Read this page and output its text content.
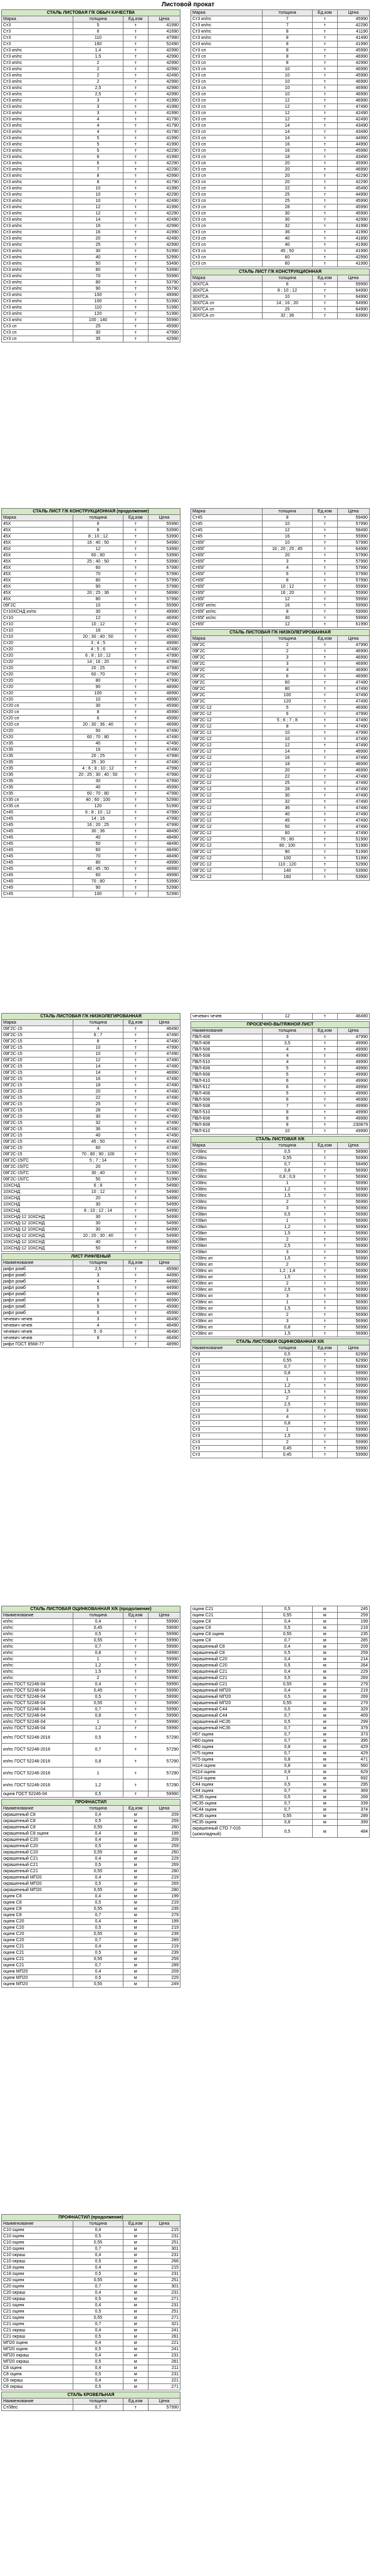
Листовой прокат
СТАЛЬ ЛИСТОВАЯ Г/К ОБЫЧ КАЧЕСТВА			
Марка	толщина	Ед.изм	Цена
Ст3	5	т	41990
Ст3	6	т	41690
Ст3	110	т	47990
Ст3	160	т	52490
Ст3 кп/пс	1,4	т	42990
Ст3 кп/пс	1,5	т	42990
Ст3 кп/пс	2	т	42990
Ст3 кп/пс	2	т	42990
Ст3 кп/пс	2	т	42490
Ст3 кп/пс	2	т	42990
Ст3 кп/пс	2,5	т	42990
Ст3 кп/пс	2,5	т	42990
Ст3 кп/пс	3	т	41990
Ст3 кп/пс	3	т	41990
Ст3 кп/пс	3	т	41990
Ст3 кп/пс	4	т	41790
Ст3 кп/пс	4	т	41790
Ст3 кп/пс	4	т	41790
Ст3 кп/пс	5	т	41990
Ст3 кп/пс	5	т	41990
Ст3 кп/пс	5	т	42290
Ст3 кп/пс	6	т	41990
Ст3 кп/пс	6	т	42290
Ст3 кп/пс	7	т	42290
Ст3 кп/пс	8	т	42990
Ст3 кп/пс	8	т	41790
Ст3 кп/пс	10	т	41990
Ст3 кп/пс	10	т	42290
Ст3 кп/пс	10	т	42490
Ст3 кп/пс	12	т	41990
Ст3 кп/пс	12	т	42290
Ст3 кп/пс	14	т	42490
Ст3 кп/пс	16	т	42990
Ст3 кп/пс	16	т	41990
Ст3 кп/пс	20	т	42490
Ст3 кп/пс	25	т	42990
Ст3 кп/пс	30	т	51990
Ст3 кп/пс	40	т	52990
Ст3 кп/пс	50	т	53490
Ст3 кп/пс	60	т	53990
Ст3 кп/пс	70	т	55990
Ст3 кп/пс	80	т	53790
Ст3 кп/пс	90	т	55790
Ст3 кп/пс	100	т	49990
Ст3 кп/пс	100	т	51990
Ст3 кп/пс	110	т	51990
Ст3 кп/пс	120	т	51990
Ст3 кп/пс	100 ; 140	т	55990
Ст3 сп	25	т	45990
Ст3 сп	30	т	47990
Ст3 сп	35	т	42990
Марка	толщина	Ед.изм	Цена
Ст3 кп/пс	7	т	45990
Ст3 кп/пс	7	т	42290
Ст3 кп/пс	8	т	41190
Ст3 кп/пс	8	т	41490
Ст3 кп/пс	8	т	41990
Ст3 сп	8	т	45990
Ст3 сп	8	т	46990
Ст3 сп	8	т	42990
Ст3 сп	10	т	46990
Ст3 сп	10	т	45990
Ст3 сп	10	т	46990
Ст3 сп	10	т	46990
Ст3 сп	10	т	46990
Ст3 сп	12	т	46990
Ст3 сп	12	т	47490
Ст3 сп	12	т	42490
Ст3 сп	12	т	42490
Ст3 сп	14	т	43490
Ст3 сп	14	т	43490
Ст3 сп	14	т	44990
Ст3 сп	16	т	44990
Ст3 сп	16	т	45990
Ст3 сп	18	т	43490
Ст3 сп	20	т	45990
Ст3 сп	20	т	46990
Ст3 сп	20	т	42290
Ст3 сп	20	т	42290
Ст3 сп	22	т	45490
Ст3 сп	25	т	44990
Ст3 сп	25	т	45990
Ст3 сп	28	т	45990
Ст3 сп	30	т	45990
Ст3 сп	30	т	42990
Ст3 сп	32	т	41990
Ст3 сп	36	т	41990
Ст3 сп	40	т	41890
Ст3 сп	40	т	41990
Ст3 сп	45 ; 50	т	41990
Ст3 сп	60	т	42990
Ст3 сп	60	т	41990
СТАЛЬ ЛИСТ Г/К КОНСТРУКЦИОННАЯ			
Марка	толщина	Ед.изм	Цена
30ХГСА	6	т	59990
30ХГСА	8 ; 10 ; 12	т	64990
30ХГСА	10	т	64990
30ХГСА сп	14 ; 16 ; 20	т	64990
30ХГСА сп	25	т	64990
30ХГСА сп	32 ; 36	т	63990
СТАЛЬ ЛИСТ Г/К КОНСТРУКЦИОННАЯ (продолжение)			
Марка	толщина	Ед.изм	Цена
45Х	6	т	55990
45Х	8	т	53990
45Х	8 ; 10 ; 12	т	53990
45Х	16 ; 40 ; 50	т	54990
45Х	12	т	53990
45Х	60 ; 80	т	53990
45Х	25 ; 40 ; 50	т	53990
45Х	60	т	57990
45Х	70	т	57990
45Х	80	т	57990
45Х	90	т	57990
45Х	20 ; 25 ; 36	т	58990
45Х	80	т	57990
09Г2С	10	т	55990
Ст10ХСНД кп/пс	30	т	49990
Ст10	12	т	46990
Ст10	10 ; 12	т	47490
Ст10	18	т	47990
Ст10	20 ; 30 ; 40 ; 50	т	45990
Ст20	3 ; 4 ; 5	т	49990
Ст20	4 ; 5 ; 6	т	47490
Ст20	6 ; 8 ; 10 ; 12	т	47990
Ст20	14 ; 16 ; 20	т	47990
Ст20	20 ; 25	т	47990
Ст20	60 ; 70	т	47990
Ст20	80	т	47990
Ст20	90	т	48990
Ст20	100	т	48990
Ст20	10	т	49990
Ст20 сп	30	т	45990
Ст20 сп	8	т	45990
Ст20 сп	6	т	45990
Ст20 сп	20 ; 30 ; 36 ; 40	т	46990
Ст20	50	т	47490
Ст20	60 ; 70 ; 80	т	47490
Ст35	40	т	47490
Ст35	16	т	47490
Ст35	20 ; 25	т	47990
Ст35	25 ; 30	т	47490
Ст35	4 ; 6 ; 8 ; 10 ; 12	т	47990
Ст35	20 ; 25 ; 30 ; 40 ; 50	т	47990
Ст35	30	т	47990
Ст35	40	т	45990
Ст35	60 ; 70 ; 80	т	47990
Ст35 сп	40 ; 60 ; 100	т	52990
Ст35 сп	120	т	51990
Ст45	6 ; 8 ; 10 ; 12	т	47990
Ст45	14 ; 16	т	47990
Ст45	16 ; 20 ; 25	т	47990
Ст45	30 ; 36	т	48490
Ст45	40	т	48490
Ст45	50	т	48490
Ст45	60	т	48490
Ст45	70	т	48490
Ст45	80	т	49990
Ст45	40 ; 45 ; 50	т	48990
Ст45	60	т	49990
Ст45	70 ; 80	т	53990
Ст45	90	т	52990
Ст45	100	т	52990
Марка	толщина	Ед.изм	Цена
Ст45	8	т	59490
Ст45	10	т	57990
Ст45	12	т	58490
Ст45	16	т	55990
Ст65Г	10	т	57990
Ст65Г	16 ; 20 ; 25 ; 45	т	64990
Ст65Г	20	т	57990
Ст65Г	3	т	57990
Ст65Г	4	т	57990
Ст65Г	6	т	57990
Ст65Г	8	т	57990
Ст65Г	10 ; 12	т	55990
Ст65Г	16 ; 20	т	55990
Ст65Г	12	т	59990
Ст65Г кп/пс	16	т	59990
Ст65Г кп/пс	8	т	59990
Ст65Г кп/пс	30	т	59990
Ст65Г	12	т	61990
СТАЛЬ ЛИСТОВАЯ Г/К НИЗКОЛЕГИРОВАННАЯ			
Марка	толщина	Ед.изм	Цена
09Г2С	2	т	47990
09Г2С	2	т	46990
09Г2С	3	т	46990
09Г2С	3	т	46990
09Г2С	4	т	46990
09Г2С	6	т	46990
09Г2С	60	т	47490
09Г2С	80	т	47490
09Г2С	100	т	47490
09Г2С	120	т	47490
09Г2С-12	5	т	46990
09Г2С-12	6	т	47990
09Г2С-12	5 ; 6 ; 7 ; 8	т	47490
09Г2С-12	8	т	47490
09Г2С-12	10	т	47990
09Г2С-12	10	т	47490
09Г2С-12	12	т	47490
09Г2С-12	14	т	46990
09Г2С-12	16	т	47490
09Г2С-12	18	т	46990
09Г2С-12	20	т	46990
09Г2С-12	22	т	47490
09Г2С-12	25	т	47490
09Г2С-12	28	т	47490
09Г2С-12	30	т	47490
09Г2С-12	32	т	47490
09Г2С-12	36	т	47490
09Г2С-12	40	т	47490
09Г2С-12	45	т	47490
09Г2С-12	50	т	47490
09Г2С-12	60	т	47490
09Г2С-12	70 ; 80	т	51990
09Г2С-12	80 ; 100	т	51990
09Г2С-12	90	т	51990
09Г2С-12	100	т	51990
09Г2С-12	110 ; 120	т	52990
09Г2С-12	140	т	53990
09Г2С-12	160	т	53990
СТАЛЬ ЛИСТОВАЯ Г/К НИЗКОЛЕГИРОВАННАЯ			
Марка	толщина	Ед.изм	Цена
09Г2С-15	4	т	46490
09Г2С-15	6 ; 7	т	47490
09Г2С-15	8	т	47490
09Г2С-15	10	т	47990
09Г2С-15	10	т	47490
09Г2С-15	12	т	47490
09Г2С-15	14	т	47490
09Г2С-15	14	т	46990
09Г2С-15	16	т	47490
09Г2С-15	18	т	47490
09Г2С-15	20	т	47490
09Г2С-15	22	т	47490
09Г2С-15	25	т	47490
09Г2С-15	28	т	47490
09Г2С-15	30	т	47490
09Г2С-15	32	т	47490
09Г2С-15	36	т	47490
09Г2С-15	40	т	47490
09Г2С-15	45 ; 50	т	47490
09Г2С-15	60	т	47490
09Г2С-15	70 ; 80 ; 90 ; 100	т	51990
09Г2С-15/ГС	5 ; 7 ; 14	т	51990
09Г2С-15/ГС	20	т	51990
09Г2С-15/ГС	30 ; 40	т	51990
09Г2С-15/ГС	50	т	51990
10ХСНД	6 ; 8	т	54990
10ХСНД	10 ; 12	т	54990
10ХСНД	20	т	54990
10ХСНД	30	т	54990
10ХСНД	8 ; 10 ; 12 ; 14	т	54990
10ХСНД-12 10ХСНД	30	т	54990
10ХСНД-12 10ХСНД	30	т	54990
10ХСНД-12 10ХСНД	30	т	64990
10ХСНД-12 10ХСНД	10 ; 20 ; 30 ; 40	т	54990
10ХСНД-12 10ХСНД	40	т	64990
10ХСНД-12 10ХСНД	50	т	69990
ЛИСТ РИФЛЕНЫЙ			
Наименование	толщина	Ед.изм	Цена
рифл ромб	2,5	т	45990
рифл ромб	3	т	44990
рифл ромб	4	т	44990
рифл ромб	5	т	44990
рифл ромб	6	т	44990
рифл ромб	8	т	46990
рифл ромб	5	т	45990
рифл ромб	6	т	45990
чечевич чечев	3	т	46490
чечевич чечев	4	т	46490
чечевич чечев	5 ; 6	т	46490
чечевич чечев	8	т	46490
рифл ГОСТ 8568-77		т	48990
чечевич чечев	12	т	46490
ПРОСЕЧНО-ВЫТЯЖНОЙ ЛИСТ			
Наименование	толщина	Ед.изм	Цена
ПВЛ-406	3	т	47990
ПВЛ-408	3,5	т	49990
ПВЛ-506	4	т	49990
ПВЛ-508	4	т	49990
ПВЛ-510	4	т	49990
ПВЛ-606	5	т	49990
ПВЛ-608	5	т	49990
ПВЛ-610	6	т	49990
ПВЛ-612	6	т	49990
ПВЛ-408	5	т	49990
ПВЛ-506	6	т	46990
ПВЛ-508	7	т	49990
ПВЛ-510	8	т	49990
ПВЛ-606	8	т	49990
ПВЛ-608	8	т	230879
ПВЛ-610	10	т	49990
СТАЛЬ ЛИСТОВАЯ Х/К			
Марка	толщина	Ед.изм	Цена
Ст08пс	0,5	т	58990
Ст08пс	0,55	т	56990
Ст08пс	0,7	т	58490
Ст08пс	0,8	т	56990
Ст08пс	0,8 ; 0,9	т	56990
Ст08пс	1	т	56990
Ст08пс	1,2	т	56990
Ст08пс	1,5	т	56990
Ст08пс	2	т	56990
Ст08пс	3	т	56990
Ст08кп	0,5	т	56990
Ст08кп	1	т	56990
Ст08кп	1,2	т	56990
Ст08кп	1,5	т	56990
Ст08кп	2	т	56990
Ст08кп	2,5	т	56990
Ст08кп	3	т	56990
Ст08пс кп	1,5	т	56990
Ст08пс кп	2	т	56990
Ст08пс кп	1,2 ; 1,4	т	56990
Ст08пс кп	1,5	т	56990
Ст08пс кп	2	т	56990
Ст08пс кп	2,5	т	56990
Ст08пс кп	3	т	56990
Ст08пс кп	1	т	56990
Ст08пс кп	1,5	т	56990
Ст08пс кп	2	т	56990
Ст08пс кп	3	т	56990
Ст08пс кп	0,8	т	56990
Ст08пс кп	1,5	т	56990
СТАЛЬ ЛИСТОВАЯ ОЦИНКОВАННАЯ Х/К			
Наименование	толщина	Ед.изм	Цена
Ст3	0,5	т	62990
Ст3	0,55	т	62990
Ст3	0,7	т	59990
Ст3	0,8	т	59990
Ст3	1	т	59990
Ст3	1,2	т	59990
Ст3	1,5	т	59990
Ст3	2	т	59990
Ст3	2,5	т	59990
Ст3	3	т	59990
Ст3	4	т	59990
Ст3	0,8	т	59990
Ст3	1	т	59990
Ст3	1,5	т	59990
Ст3	2	т	59990
Ст3	0,45	т	59990
Ст3	0,45	т	59990
СТАЛЬ ЛИСТОВАЯ ОЦИНКОВАННАЯ Х/К (продолжение)			
Наименование	толщина	Ед.изм	Цена
кп/пс	0,4	т	59990
кп/пс	0,45	т	59690
кп/пс	0,5	т	59990
кп/пс	0,55	т	59990
кп/пс	0,7	т	59990
кп/пс	0,8	т	59990
кп/пс	1	т	59990
кп/пс	1,2	т	59990
кп/пс	1,5	т	59990
кп/пс	2	т	59990
кп/пс ГОСТ 52246-04	0,4	т	59990
кп/пс ГОСТ 52246-04	0,45	т	59990
кп/пс ГОСТ 52246-04	0,5	т	59990
кп/пс ГОСТ 52246-04	0,55	т	59990
кп/пс ГОСТ 52246-04	0,7	т	59990
кп/пс ГОСТ 52246-04	0,8	т	59990
кп/пс ГОСТ 52246-04	1	т	59990
кп/пс ГОСТ 52246-04	1,2	т	59990
кп/пс ГОСТ 52246-2016	0,5	т	57290
кп/пс ГОСТ 52246-2016	0,7	т	57290
кп/пс ГОСТ 52246-2016	0,8	т	57290
кп/пс ГОСТ 52246-2016	1	т	57290
кп/пс ГОСТ 52246-2016	1,2	т	57290
оцинк ГОСТ 52246-04	0,5	т	59990
ПРОФНАСТИЛ			
Наименование	толщина	Ед.изм	Цена
окрашенный С8	0,4	м	209
окрашенный С8	0,5	м	259
окрашенный С8	0,55	м	260
окрашенный С8 оцинк	0,4	м	199
окрашенный С20	0,4	м	209
окрашенный С20	0,5	м	259
окрашенный С20	0,55	м	260
окрашенный С21	0,4	м	229
окрашенный С21	0,5	м	269
окрашенный С21	0,55	м	280
окрашенный МП20	0,4	м	219
окрашенный МП20	0,5	м	269
окрашенный МП20	0,55	м	280
оцинк С8	0,4	м	199
оцинк С8	0,5	м	219
оцинк С8	0,55	м	239
оцинк С8	0,7	м	279
оцинк С20	0,4	м	199
оцинк С20	0,5	м	219
оцинк С20	0,55	м	239
оцинк С20	0,7	м	289
оцинк С21	0,4	м	219
оцинк С21	0,5	м	239
оцинк С21	0,55	м	259
оцинк С21	0,7	м	289
оцинк МП20	0,4	м	209
оцинк МП20	0,5	м	229
оцинк МП20	0,55	м	249
оцинк С21	0,5	м	245
оцинк С21	0,55	м	259
оцинк С8	0,4	м	199
оцинк С8	0,5	м	219
оцинк С8 оцинк	0,55	м	235
оцинк С8	0,7	м	285
окрашенный С8	0,4	м	209
окрашенный С8	0,5	м	259
окрашенный С20	0,4	м	214
окрашенный С20	0,5	м	264
окрашенный С21	0,4	м	229
окрашенный С21	0,5	м	269
окрашенный С21	0,55	м	279
окрашенный МП20	0,4	м	219
окрашенный МП20	0,5	м	269
окрашенный МП20	0,55	м	279
окрашенный С44	0,5	м	329
окрашенный С44	0,7	м	409
окрашенный НС35	0,5	м	299
окрашенный НС35	0,7	м	379
Н57 оцинк	0,7	м	373
Н60 оцинк	0,7	м	395
Н60 оцинк	0,8	м	429
Н75 оцинк	0,7	м	429
Н75 оцинк	0,8	м	471
Н114 оцинк	0,8	м	560
Н114 оцинк	0,9	м	629
Н114 оцинк	1	м	692
С44 оцинк	0,5	м	295
С44 оцинк	0,7	м	369
НС35 оцинк	0,5	м	269
НС35 оцинк	0,7	м	339
НС44 оцинк	0,7	м	374
НС35 оцинк	0,55	м	289
НС35 оцинк	0,8	м	399
окрашенный СТО 7-016 (шоколадный)	0,5	м	484
ПРОФНАСТИЛ (продолжение)			
Наименование	толщина	Ед.изм	Цена
С10 оцинк	0,4	м	215
С10 оцинк	0,5	м	231
С10 оцинк	0,55	м	251
С10 оцинк	0,7	м	301
С10 окраш	0,4	м	231
С10 окраш	0,5	м	266
С18 оцинк	0,4	м	215
С18 оцинк	0,5	м	231
С20 оцинк	0,55	м	251
С20 оцинк	0,7	м	301
С20 окраш	0,4	м	231
С20 окраш	0,5	м	271
С21 оцинк	0,4	м	231
С21 оцинк	0,5	м	251
С21 оцинк	0,55	м	271
С21 оцинк	0,7	м	321
С21 окраш	0,4	м	241
С21 окраш	0,5	м	281
МП20 оцинк	0,4	м	221
МП20 оцинк	0,5	м	241
МП20 окраш	0,4	м	231
МП20 окраш	0,5	м	281
С8 оцинк	0,4	м	211
С8 оцинк	0,5	м	231
С8 окраш	0,4	м	221
С8 окраш	0,5	м	271
СТАЛЬ КРОВЕЛЬНАЯ			
Наименование	толщина	Ед.изм	Цена
Ст08пс	0,7	т	57990
